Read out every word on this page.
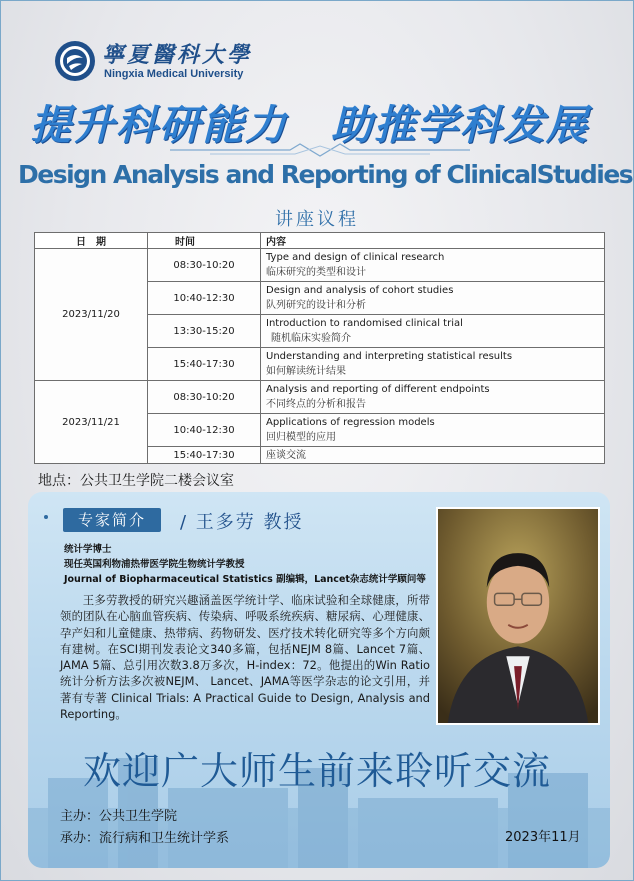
寧夏醫科大學
Ningxia Medical University
提升科研能力　助推学科发展
Design Analysis and Reporting of ClinicalStudies
讲座议程
日　期	时间	内容
2023/11/20	08:30-10:20	Type and design of clinical research
临床研究的类型和设计

	10:40-12:30	Design and analysis of cohort studies
队列研究的设计和分析

	13:30-15:20	Introduction to randomised clinical trial
随机临床实验简介

	15:40-17:30	Understanding and interpreting statistical results
如何解读统计结果

2023/11/21	08:30-10:20	Analysis and reporting of different endpoints
不同终点的分析和报告

	10:40-12:30	Applications of regression models
回归模型的应用

	15:40-17:30	座谈交流
地点：公共卫生学院二楼会议室
专家简介	/ 王多劳 教授
统计学博士
现任英国利物浦热带医学院生物统计学教授
Journal of Biopharmaceutical Statistics 副编辑，Lancet杂志统计学顾问等
王多劳教授的研究兴趣涵盖医学统计学、临床试验和全球健康，所带领的团队在心脑血管疾病、传染病、呼吸系统疾病、糖尿病、心理健康、孕产妇和儿童健康、热带病、药物研发、医疗技术转化研究等多个方向颇有建树。在SCI期刊发表论文340多篇，包括NEJM 8篇、Lancet 7篇、JAMA 5篇、总引用次数3.8万多次，H-index：72。他提出的Win Ratio统计分析方法多次被NEJM、 Lancet、JAMA等医学杂志的论文引用，并著有专著 Clinical Trials: A Practical Guide to Design, Analysis and Reporting。
欢迎广大师生前来聆听交流
主办：公共卫生学院
承办：流行病和卫生统计学系	2023年11月
